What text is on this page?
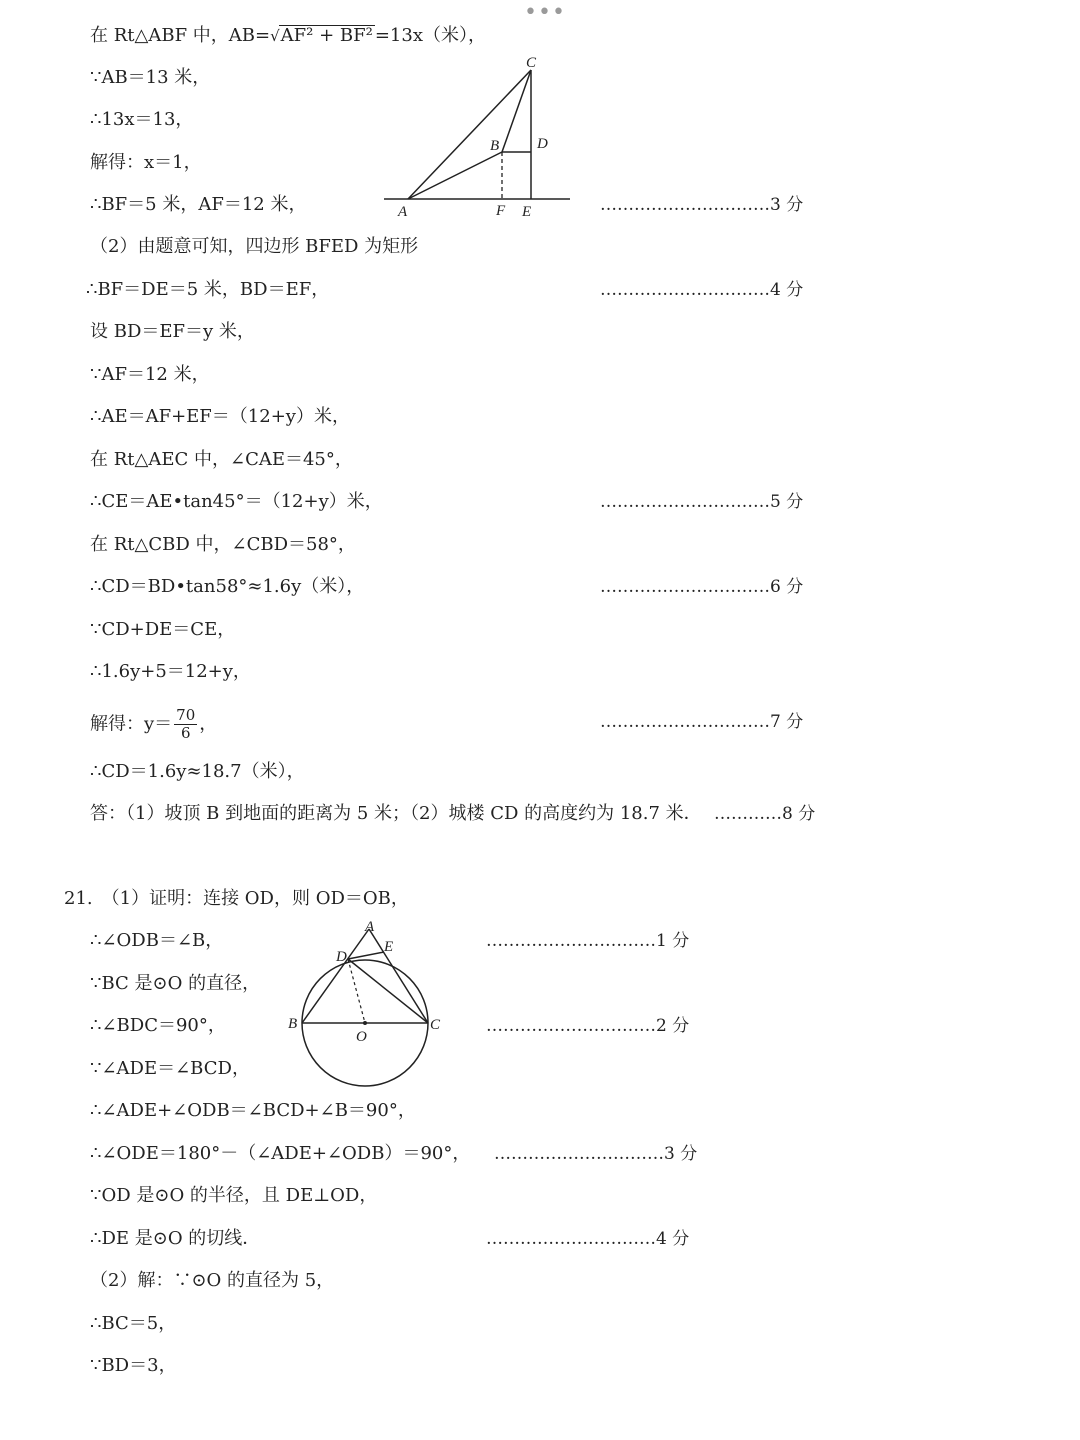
•••
在 Rt△ABF 中，AB=√AF² + BF² =13x（米），
∵AB＝13 米，
∴13x＝13，
解得：x＝1，
∴BF＝5 米，AF＝12 米，
（2）由题意可知，四边形 BFED 为矩形
∴BF＝DE＝5 米，BD＝EF，
设 BD＝EF＝y 米，
∵AF＝12 米，
∴AE＝AF+EF＝（12+y）米，
在 Rt△AEC 中，∠CAE＝45°，
∴CE＝AE•tan45°＝（12+y）米，
在 Rt△CBD 中，∠CBD＝58°，
∴CD＝BD•tan58°≈1.6y（米），
∵CD+DE＝CE，
∴1.6y+5＝12+y，
解得：$y= \frac{70}{6}$ ，
∴CD＝1.6y≈18.7（米），
答：（1）坡顶 B 到地面的距离为 5 米；（2）城楼 CD 的高度约为 18.7 米．
…………………………3 分
…………………………4 分
…………………………5 分
…………………………6 分
…………………………7 分
…………8 分
C
B	D
A	F E
21.　（1）证明：连接 OD，则 OD＝OB，
∴∠ODB＝∠B，
∵BC 是⊙O 的直径，
∴∠BDC＝90°，
∵∠ADE＝∠BCD，
∴∠ADE+∠ODB＝∠BCD+∠B＝90°，
∴∠ODE＝180°－（∠ADE+∠ODB）＝90°，
∵OD 是⊙O 的半径，且 DE⊥OD，
∴DE 是⊙O 的切线．
（2）解：∵⊙O 的直径为 5，
∴BC＝5，
∵BD＝3，
…………………………1 分
…………………………2 分
…………………………3 分
…………………………4 分
A
E
D
B	C
O
